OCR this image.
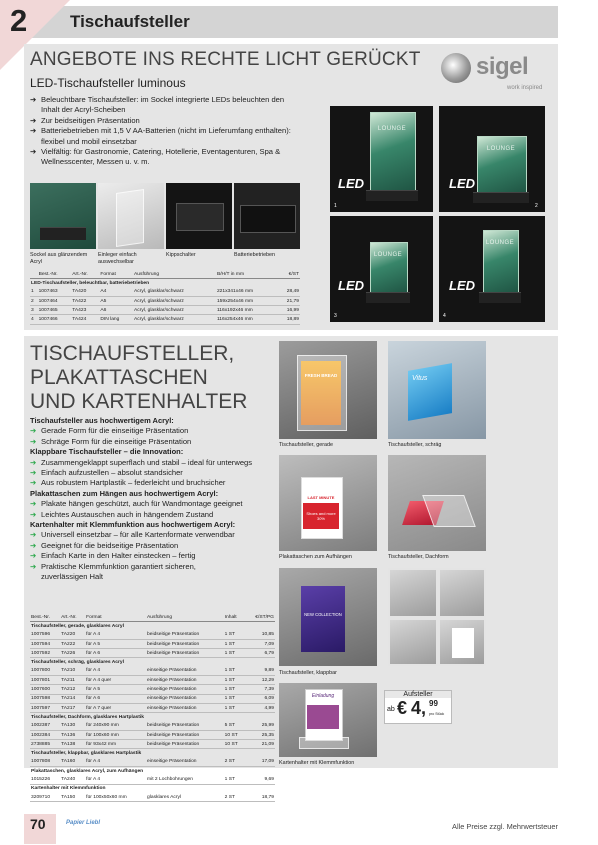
2	Tischaufsteller
ANGEBOTE INS RECHTE LICHT GERÜCKT
LED-Tischaufsteller luminous
sigel
work inspired
➔ Beleuchtbare Tischaufsteller: im Sockel integrierte LEDs beleuchten den Inhalt der Acryl-Scheiben
➔ Zur beidseitigen Präsentation
➔ Batteriebetrieben mit 1,5 V AA-Batterien (nicht im Lieferumfang enthalten): flexibel und mobil einsetzbar
➔ Vielfältig: für Gastronomie, Catering, Hotellerie, Eventagenturen, Spa & Wellnesscenter, Messen u. v. m.
Sockel aus glänzendem Acryl
Einleger einfach auswechselbar
Kippschalter	Batteriebetrieben
	Best.-Nr.	Art.-Nr.	Format	Ausführung	B/H/T in mm	€/ST
LED-Tischaufsteller, beleuchtbar, batteriebetrieben						
1	1007463	TA420	A4	Acryl, glasklar/schwarz	221x341x46 mm	28,49
2	1007464	TA422	A5	Acryl, glasklar/schwarz	159x254x46 mm	21,79
3	1007465	TA423	A6	Acryl, glasklar/schwarz	116x192x46 mm	16,99
4	1007466	TA424	DIN lang	Acryl, glasklar/schwarz	116x254x46 mm	18,89
LOUNGE
LED
1
LOUNGE
LED
2
LOUNGE
LED
3
LOUNGE
LED
4
TISCHAUFSTELLER,
PLAKATTASCHEN
UND KARTENHALTER
Tischaufsteller aus hochwertigem Acryl:
➔ Gerade Form für die einseitige Präsentation
➔ Schräge Form für die einseitige Präsentation
Klappbare Tischaufsteller – die Innovation:
➔ Zusammengeklappt superflach und stabil – ideal für unterwegs
➔ Einfach aufzustellen – absolut standsicher
➔ Aus robustem Hartplastik – federleicht und bruchsicher
Plakattaschen zum Hängen aus hochwertigem Acryl:
➔ Plakate hängen geschützt, auch für Wandmontage geeignet
➔ Leichtes Austauschen auch in hängendem Zustand
Kartenhalter mit Klemmfunktion aus hochwertigem Acryl:
➔ Universell einsetzbar – für alle Kartenformate verwendbar
➔ Geeignet für die beidseitige Präsentation
➔ Einfach Karte in den Halter einstecken – fertig
➔ Praktische Klemmfunktion garantiert sicheren, zuverlässigen Halt
Best.-Nr.	Art.-Nr.	Format	Ausführung	Inhalt	€/ST/PG
Tischaufsteller, gerade, glasklares Acryl					
1007596	TA220	für A 4	beidseitige Präsentation	1 ST	10,85
1007594	TA222	für A 5	beidseitige Präsentation	1 ST	7,09
1007592	TA226	für A 6	beidseitige Präsentation	1 ST	6,79
Tischaufsteller, schräg, glasklares Acryl					
1007800	TA210	für A 4	einseitige Präsentation	1 ST	9,89
1007801	TA211	für A 4 quer	einseitige Präsentation	1 ST	12,29
1007600	TA212	für A 5	einseitige Präsentation	1 ST	7,39
1007598	TA214	für A 6	einseitige Präsentation	1 ST	6,09
1007597	TA217	für A 7 quer	einseitige Präsentation	1 ST	4,99
Tischaufsteller, Dachform, glasklares Hartplastik					
1002387	TA130	für 240x90 mm	beidseitige Präsentation	5 ST	25,99
1002384	TA136	für 100x60 mm	beidseitige Präsentation	10 ST	25,35
2738885	TA138	für 93x42 mm	beidseitige Präsentation	10 ST	21,09
Tischaufsteller, klappbar, glasklares Hartplastik					
1007808	TA160	für A 4	einseitige Präsentation	2 ST	17,09
Plakattaschen, glasklares Acryl, zum Aufhängen					
1015226	TA240	für A 4	mit 2 Lochbohrungen	1 ST	9,69
Kartenhalter mit Klemmfunktion					
3209710	TA150	für 100x50x60 mm	glasklares Acryl	2 ST	18,79
FRESH BREAD	Vitus
Tischaufsteller, gerade	Tischaufsteller, schräg
LAST MINUTE
Shoes and more 30%
Plakattaschen zum Aufhängen	Tischaufsteller, Dachform
NEW COLLECTION
Tischaufsteller, klappbar
Einladung
Kartenhalter mit Klemmfunktion
Aufsteller
ab € 4, 99
pro Stück
70	Papier Liebl	Alle Preise zzgl. Mehrwertsteuer
